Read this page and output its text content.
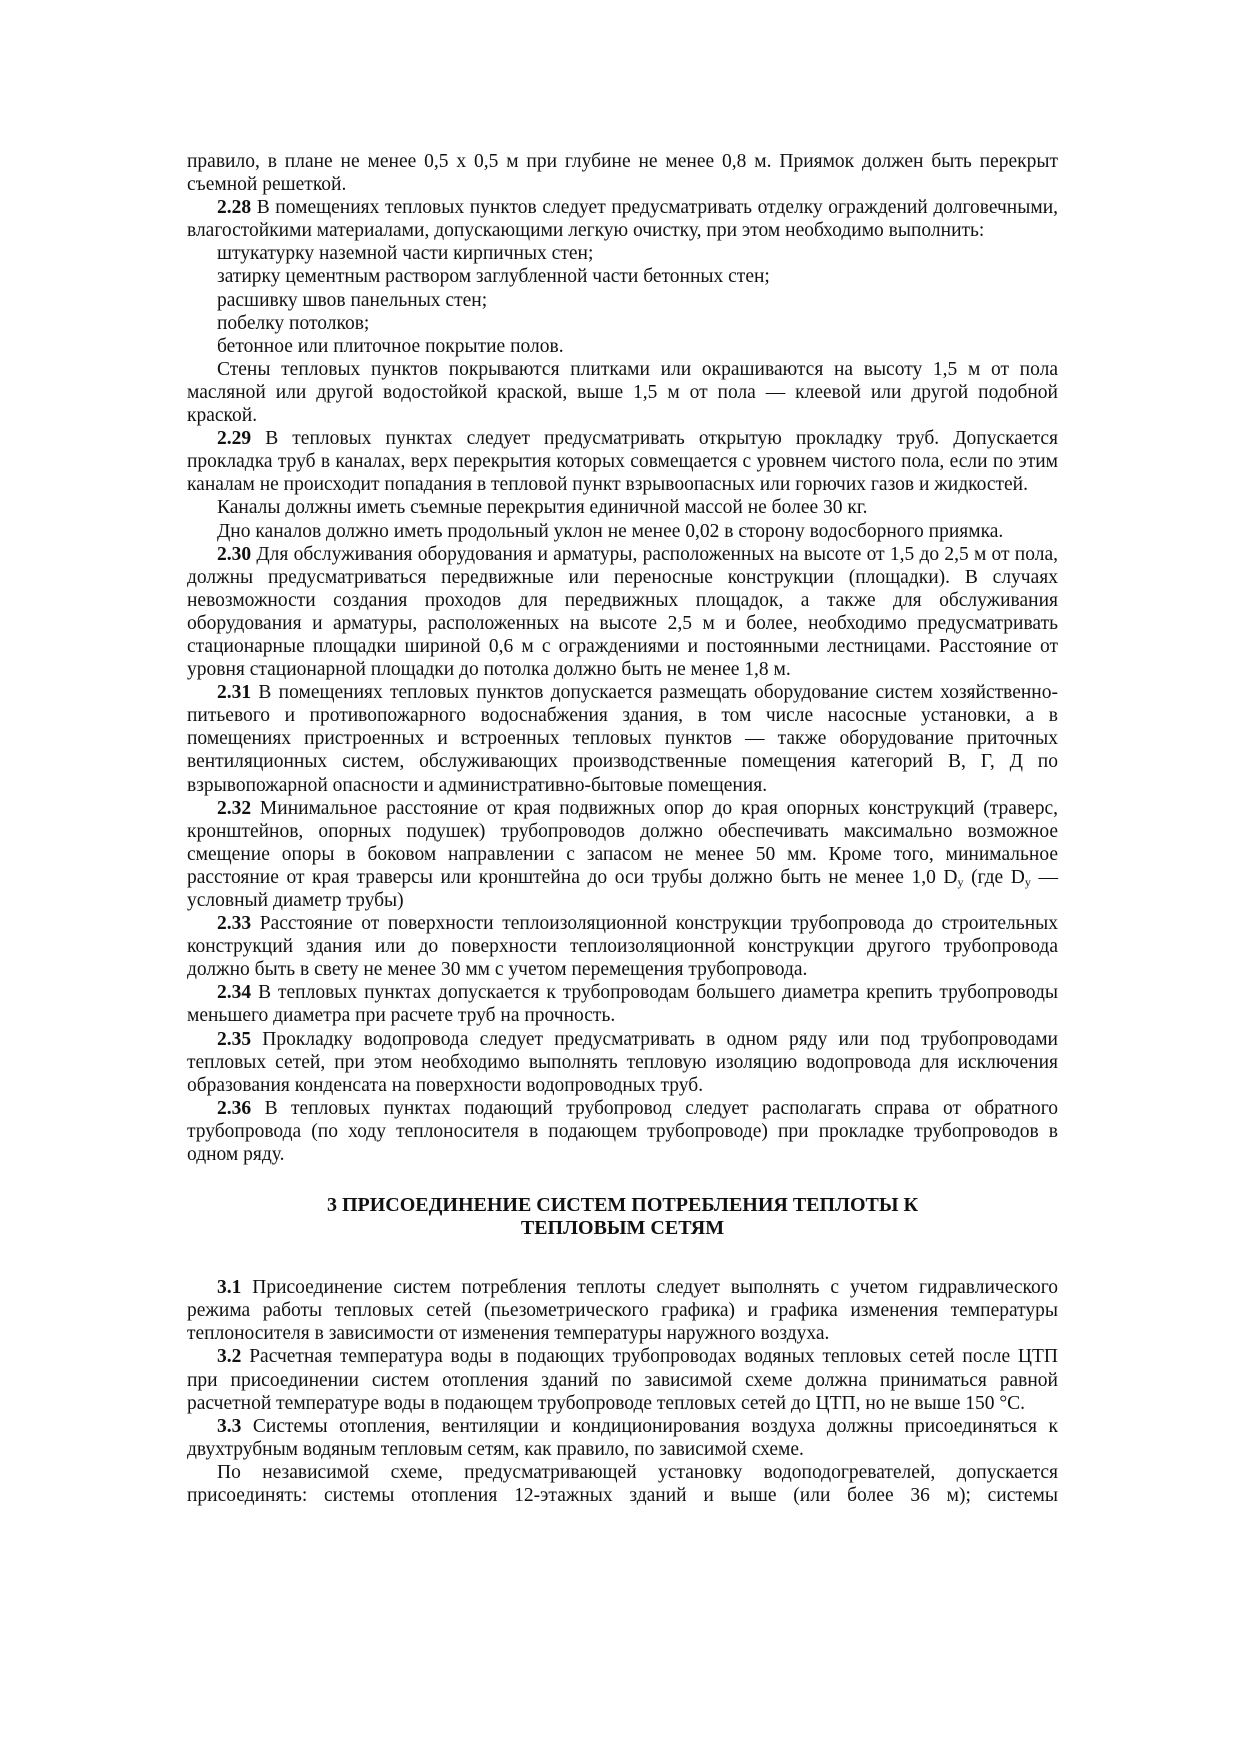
правило, в плане не менее 0,5 х 0,5 м при глубине не менее 0,8 м. Приямок должен быть перекрыт съемной решеткой.

2.28 В помещениях тепловых пунктов следует предусматривать отделку ограждений долговечными, влагостойкими материалами, допускающими легкую очистку, при этом необходимо выполнить:

штукатурку наземной части кирпичных стен;

затирку цементным раствором заглубленной части бетонных стен;

расшивку швов панельных стен;

побелку потолков;

бетонное или плиточное покрытие полов.

Стены тепловых пунктов покрываются плитками или окрашиваются на высоту 1,5 м от пола масляной или другой водостойкой краской, выше 1,5 м от пола — клеевой или другой подобной краской.

2.29 В тепловых пунктах следует предусматривать открытую прокладку труб. Допускается прокладка труб в каналах, верх перекрытия которых совмещается с уровнем чистого пола, если по этим каналам не происходит попадания в тепловой пункт взрывоопасных или горючих газов и жидкостей.

Каналы должны иметь съемные перекрытия единичной массой не более 30 кг.

Дно каналов должно иметь продольный уклон не менее 0,02 в сторону водосборного приямка.

2.30 Для обслуживания оборудования и арматуры, расположенных на высоте от 1,5 до 2,5 м от пола, должны предусматриваться передвижные или переносные конструкции (площадки). В случаях невозможности создания проходов для передвижных площадок, а также для обслуживания оборудования и арматуры, расположенных на высоте 2,5 м и более, необходимо предусматривать стационарные площадки шириной 0,6 м с ограждениями и постоянными лестницами. Расстояние от уровня стационарной площадки до потолка должно быть не менее 1,8 м.

2.31 В помещениях тепловых пунктов допускается размещать оборудование систем хозяйственно-питьевого и противопожарного водоснабжения здания, в том числе насосные установки, а в помещениях пристроенных и встроенных тепловых пунктов — также оборудование приточных вентиляционных систем, обслуживающих производственные помещения категорий В, Г, Д по взрывопожарной опасности и административно-бытовые помещения.

2.32 Минимальное расстояние от края подвижных опор до края опорных конструкций (траверс, кронштейнов, опорных подушек) трубопроводов должно обеспечивать максимально возможное смещение опоры в боковом направлении с запасом не менее 50 мм. Кроме того, минимальное расстояние от края траверсы или кронштейна до оси трубы должно быть не менее 1,0 $D_y$ (где $D_y$ — условный диаметр трубы)

2.33 Расстояние от поверхности теплоизоляционной конструкции трубопровода до строительных конструкций здания или до поверхности теплоизоляционной конструкции другого трубопровода должно быть в свету не менее 30 мм с учетом перемещения трубопровода.

2.34 В тепловых пунктах допускается к трубопроводам большего диаметра крепить трубопроводы меньшего диаметра при расчете труб на прочность.

2.35 Прокладку водопровода следует предусматривать в одном ряду или под трубопроводами тепловых сетей, при этом необходимо выполнять тепловую изоляцию водопровода для исключения образования конденсата на поверхности водопроводных труб.

2.36 В тепловых пунктах подающий трубопровод следует располагать справа от обратного трубопровода (по ходу теплоносителя в подающем трубопроводе) при прокладке трубопроводов в одном ряду.

3 ПРИСОЕДИНЕНИЕ СИСТЕМ ПОТРЕБЛЕНИЯ ТЕПЛОТЫ К
ТЕПЛОВЫМ СЕТЯМ

3.1 Присоединение систем потребления теплоты следует выполнять с учетом гидравлического режима работы тепловых сетей (пьезометрического графика) и графика изменения температуры теплоносителя в зависимости от изменения температуры наружного воздуха.

3.2 Расчетная температура воды в подающих трубопроводах водяных тепловых сетей после ЦТП при присоединении систем отопления зданий по зависимой схеме должна приниматься равной расчетной температуре воды в подающем трубопроводе тепловых сетей до ЦТП, но не выше 150 °С.

3.3 Системы отопления, вентиляции и кондиционирования воздуха должны присоединяться к двухтрубным водяным тепловым сетям, как правило, по зависимой схеме.

По независимой схеме, предусматривающей установку водоподогревателей, допускается присоединять: системы отопления 12-этажных зданий и выше (или более 36 м); системы
